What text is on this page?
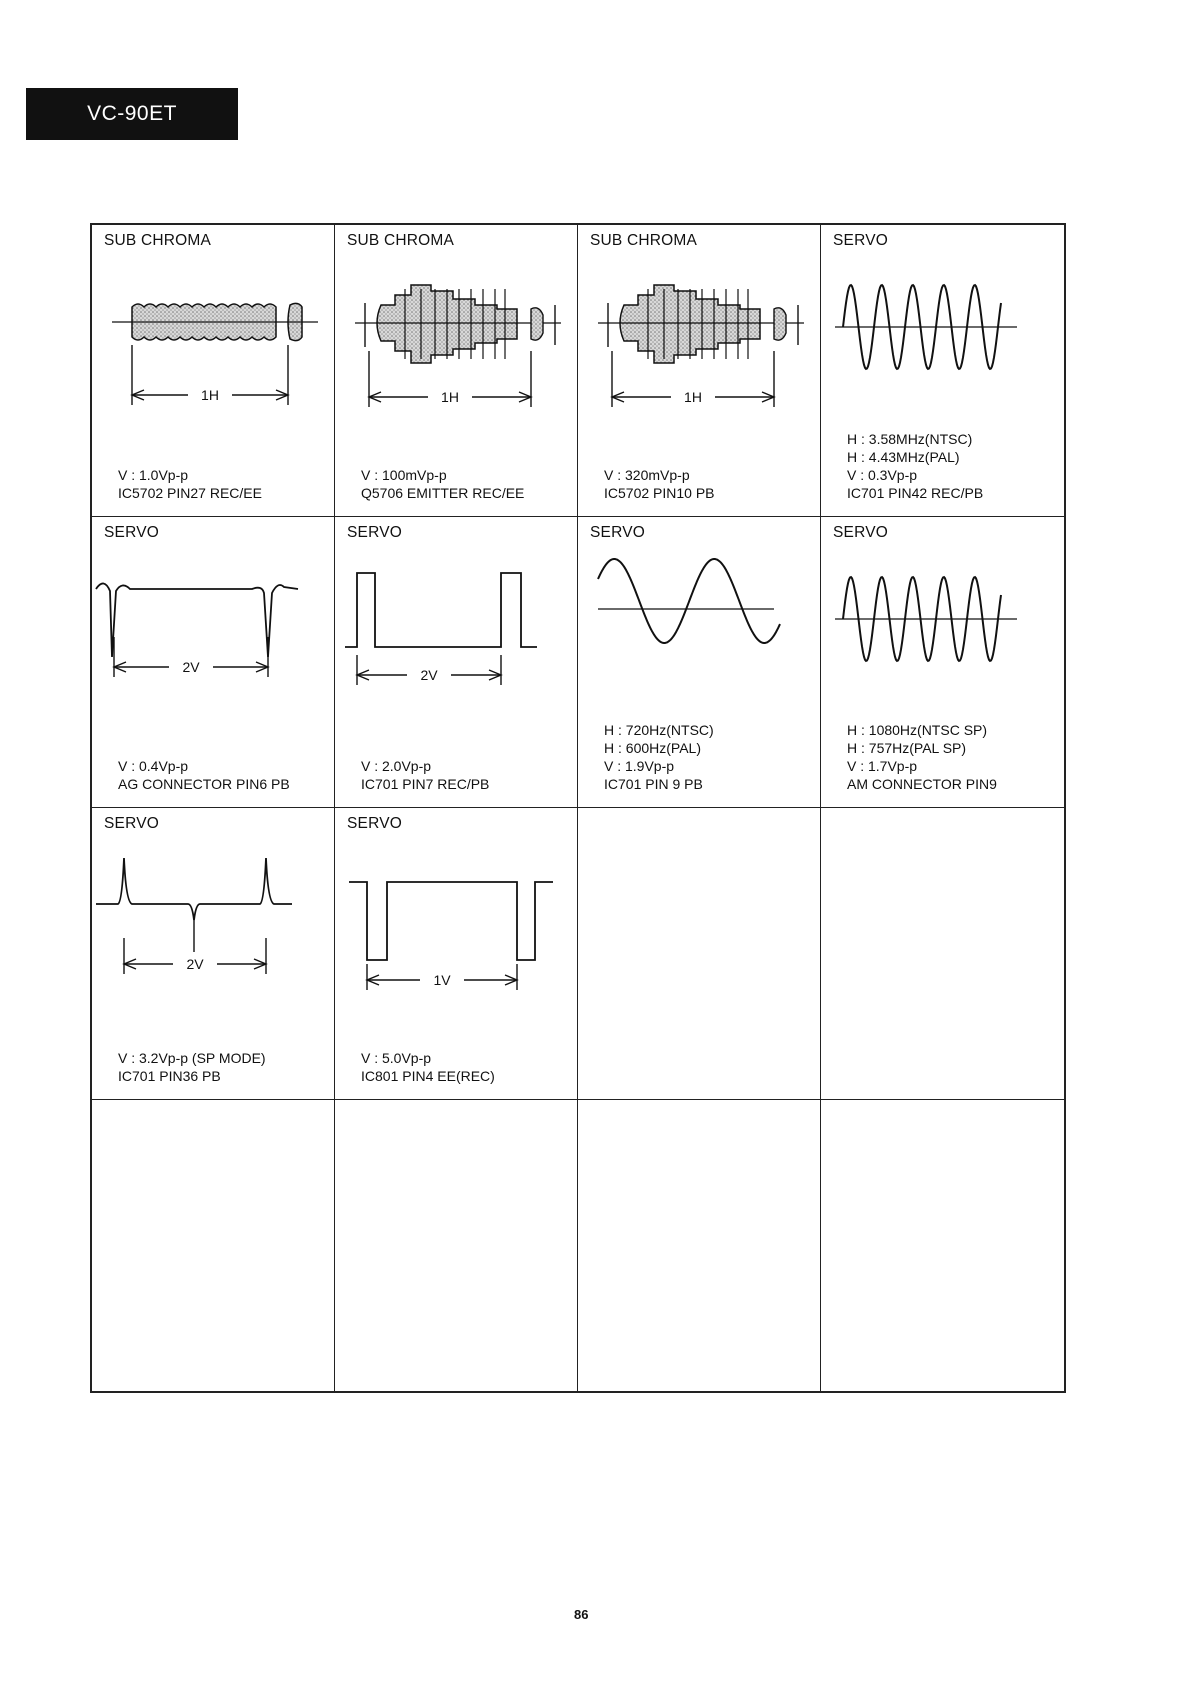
VC-90ET
SUB CHROMA
1H
V : 1.0Vp-p
IC5702 PIN27 REC/EE
SUB CHROMA
1H
V : 100mVp-p
Q5706 EMITTER REC/EE
SUB CHROMA
1H
V : 320mVp-p
IC5702 PIN10 PB
SERVO
H : 3.58MHz(NTSC)
H : 4.43MHz(PAL)
V : 0.3Vp-p
IC701 PIN42 REC/PB
SERVO
2V
V : 0.4Vp-p
AG CONNECTOR PIN6 PB
SERVO
2V
V : 2.0Vp-p
IC701 PIN7 REC/PB
SERVO
H : 720Hz(NTSC)
H : 600Hz(PAL)
V : 1.9Vp-p
IC701 PIN 9 PB
SERVO
H : 1080Hz(NTSC SP)
H : 757Hz(PAL SP)
V : 1.7Vp-p
AM CONNECTOR PIN9
SERVO
2V
V : 3.2Vp-p (SP MODE)
IC701 PIN36 PB
SERVO
1V
V : 5.0Vp-p
IC801 PIN4 EE(REC)
86
